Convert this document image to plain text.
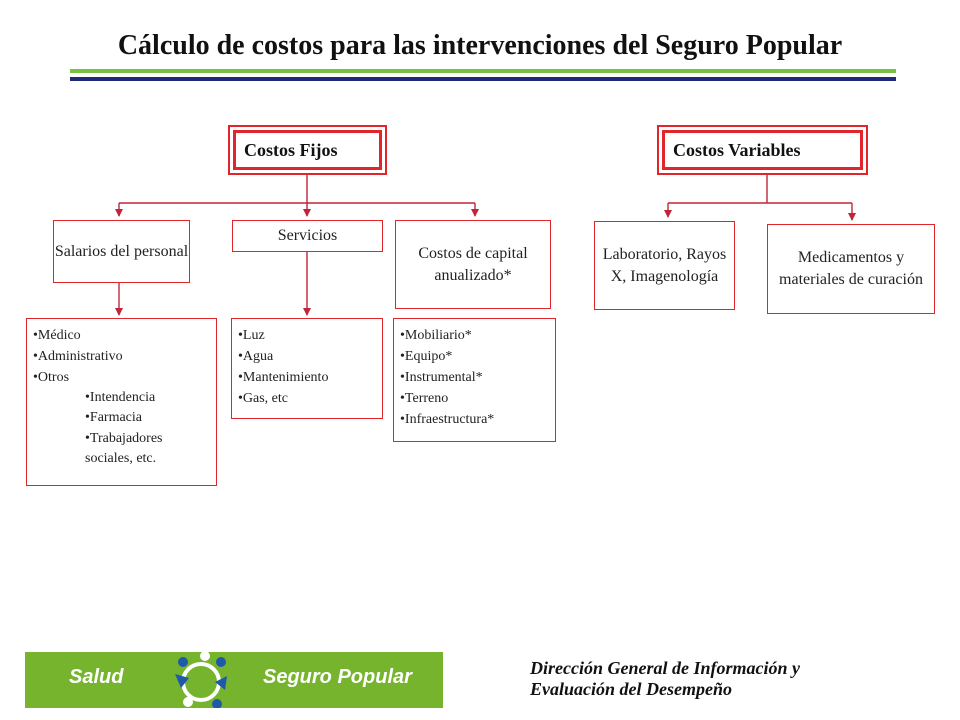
Cálculo de costos para las intervenciones del Seguro Popular
Costos Fijos	Costos Variables
Salarios del personal
Servicios
Costos de capital anualizado*
Laboratorio, Rayos X, Imagenología
Medicamentos y materiales de curación
• Médico
• Administrativo
• Otros
• Intendencia
• Farmacia
• Trabajadores sociales, etc.
• Luz
• Agua
• Mantenimiento
• Gas, etc
• Mobiliario*
• Equipo*
• Instrumental*
• Terreno
• Infraestructura*
Salud	Seguro Popular	Dirección General de Información y
Evaluación del Desempeño
